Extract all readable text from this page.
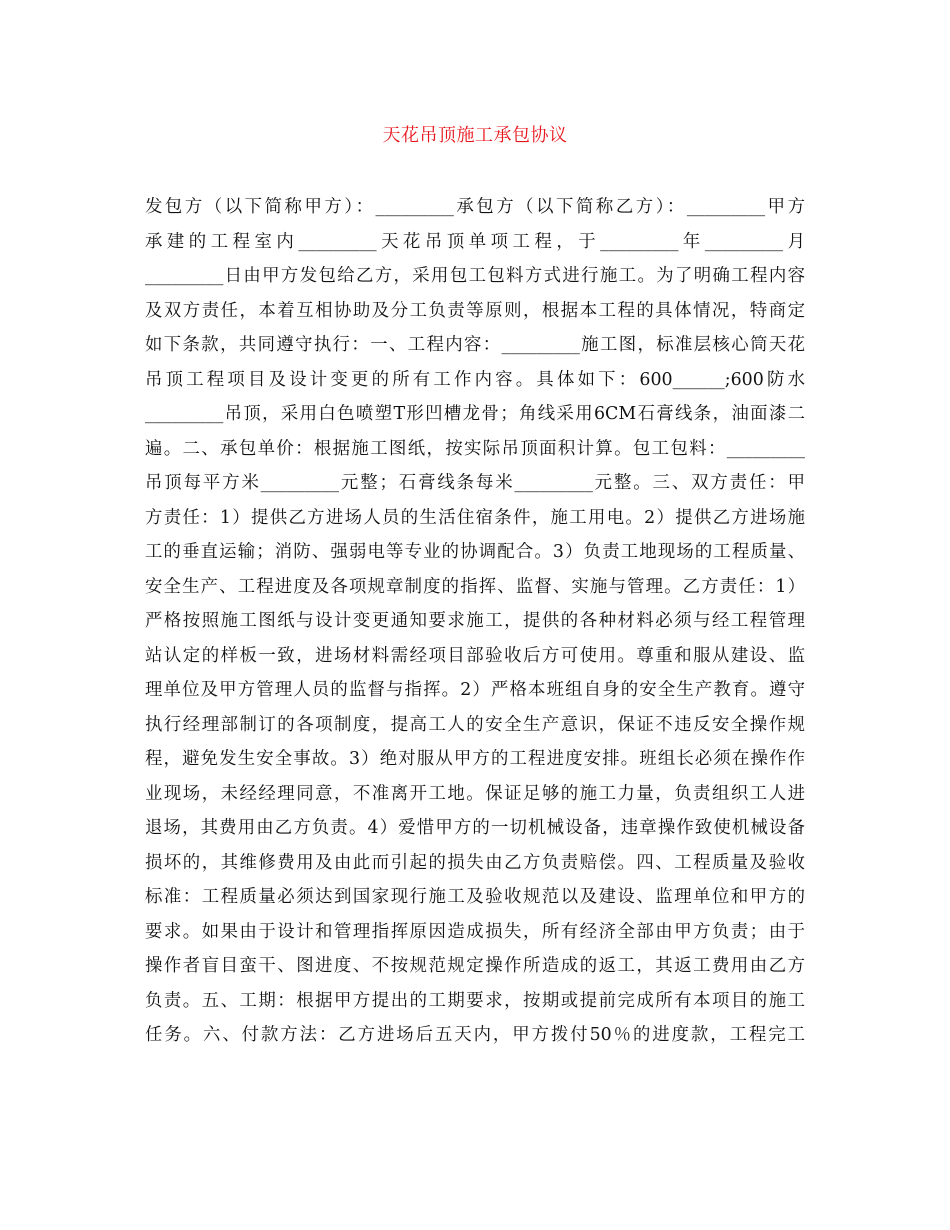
天花吊顶施工承包协议
发包方（以下简称甲方）：_________承包方（以下简称乙方）：_________甲方
承建的工程室内_________天花吊顶单项工程，于_________年_________月
_________日由甲方发包给乙方，采用包工包料方式进行施工。为了明确工程内容
及双方责任，本着互相协助及分工负责等原则，根据本工程的具体情况，特商定
如下条款，共同遵守执行：一、工程内容：_________施工图，标准层核心筒天花
吊顶工程项目及设计变更的所有工作内容。具体如下：600______;600防水
_________吊顶，采用白色喷塑T形凹槽龙骨；角线采用6CM石膏线条，油面漆二
遍。二、承包单价：根据施工图纸，按实际吊顶面积计算。包工包料：_________
吊顶每平方米_________元整；石膏线条每米_________元整。三、双方责任：甲
方责任：1）提供乙方进场人员的生活住宿条件，施工用电。2）提供乙方进场施
工的垂直运输；消防、强弱电等专业的协调配合。3）负责工地现场的工程质量、
安全生产、工程进度及各项规章制度的指挥、监督、实施与管理。乙方责任：1）
严格按照施工图纸与设计变更通知要求施工，提供的各种材料必须与经工程管理
站认定的样板一致，进场材料需经项目部验收后方可使用。尊重和服从建设、监
理单位及甲方管理人员的监督与指挥。2）严格本班组自身的安全生产教育。遵守
执行经理部制订的各项制度，提高工人的安全生产意识，保证不违反安全操作规
程，避免发生安全事故。3）绝对服从甲方的工程进度安排。班组长必须在操作作
业现场，未经经理同意，不准离开工地。保证足够的施工力量，负责组织工人进
退场，其费用由乙方负责。4）爱惜甲方的一切机械设备，违章操作致使机械设备
损坏的，其维修费用及由此而引起的损失由乙方负责赔偿。四、工程质量及验收
标准：工程质量必须达到国家现行施工及验收规范以及建设、监理单位和甲方的
要求。如果由于设计和管理指挥原因造成损失，所有经济全部由甲方负责；由于
操作者盲目蛮干、图进度、不按规范规定操作所造成的返工，其返工费用由乙方
负责。五、工期：根据甲方提出的工期要求，按期或提前完成所有本项目的施工
任务。六、付款方法：乙方进场后五天内，甲方拨付50％的进度款，工程完工
